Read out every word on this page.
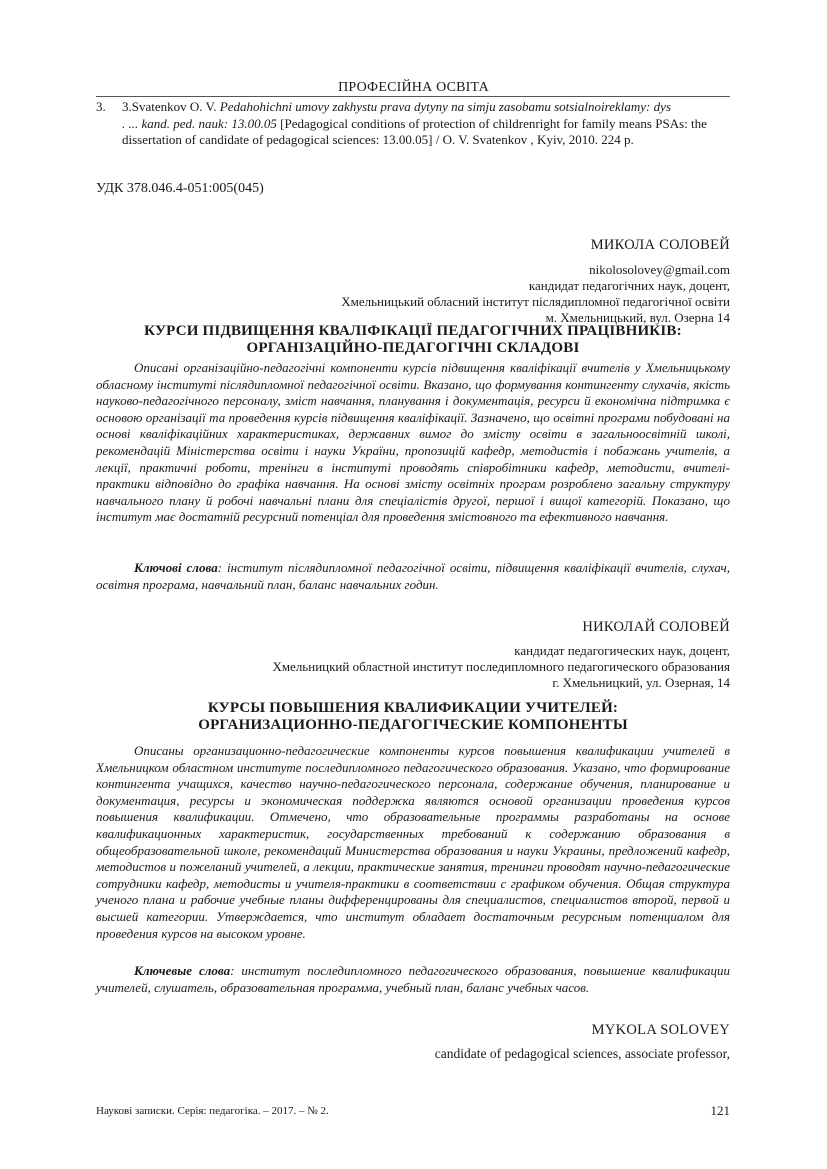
ПРОФЕСІЙНА ОСВІТА
3. 3.Svatenkov O. V. Pedahohichni umovy zakhystu prava dytyny na simju zasobamu sotsialnoireklamy: dys
. ... kand. ped. nauk: 13.00.05 [Pedagogical conditions of protection of childrenright for family means PSAs: the
dissertation of candidate of pedagogical sciences: 13.00.05] / O. V. Svatenkov , Kyiv, 2010. 224 p.
УДК 378.046.4-051:005(045)
МИКОЛА СОЛОВЕЙ
nikolosolovey@gmail.com
кандидат педагогічних наук, доцент,
Хмельницький обласний інститут післядипломної педагогічної освіти
м. Хмельницький, вул. Озерна 14
КУРСИ ПІДВИЩЕННЯ КВАЛІФІКАЦІЇ ПЕДАГОГІЧНИХ ПРАЦІВНИКІВ:
ОРГАНІЗАЦІЙНО-ПЕДАГОГІЧНІ СКЛАДОВІ
Описані організаційно-педагогічні компоненти курсів підвищення кваліфікації вчителів у Хмельницькому обласному інституті післядипломної педагогічної освіти. Вказано, що формування контингенту слухачів, якість науково-педагогічного персоналу, зміст навчання, планування і документація, ресурси й економічна підтримка є основою організації та проведення курсів підвищення кваліфікації. Зазначено, що освітні програми побудовані на основі кваліфікаційних характеристиках, державних вимог до змісту освіти в загальноосвітній школі, рекомендацій Міністерства освіти і науки України, пропозицій кафедр, методистів і побажань учителів, а лекції, практичні роботи, тренінги в інституті проводять співробітники кафедр, методисти, вчителі-практики відповідно до графіка навчання. На основі змісту освітніх програм розроблено загальну структуру навчального плану й робочі навчальні плани для спеціалістів другої, першої і вищої категорій. Показано, що інститут має достатній ресурсний потенціал для проведення змістовного та ефективного навчання.
Ключові слова: інститут післядипломної педагогічної освіти, підвищення кваліфікації вчителів, слухач, освітня програма, навчальний план, баланс навчальних годин.
НИКОЛАЙ СОЛОВЕЙ
кандидат педагогических наук, доцент,
Хмельницкий областной институт последипломного педагогического образования
г. Хмельницкий, ул. Озерная, 14
КУРСЫ ПОВЫШЕНИЯ КВАЛИФИКАЦИИ УЧИТЕЛЕЙ:
ОРГАНИЗАЦИОННО-ПЕДАГОГІЧЕСКИЕ КОМПОНЕНТЫ
Описаны организационно-педагогические компоненты курсов повышения квалификации учителей в Хмельницком областном институте последипломного педагогического образования. Указано, что формирование контингента учащихся, качество научно-педагогического персонала, содержание обучения, планирование и документация, ресурсы и экономическая поддержка являются основой организации проведения курсов повышения квалификации. Отмечено, что образовательные программы разработаны на основе квалификационных характеристик, государственных требований к содержанию образования в общеобразовательной школе, рекомендаций Министерства образования и науки Украины, предложений кафедр, методистов и пожеланий учителей, а лекции, практические занятия, тренинги проводят научно-педагогические сотрудники кафедр, методисты и учителя-практики в соответствии с графиком обучения. Общая структура ученого плана и рабочие учебные планы дифференцированы для специалистов, специалистов второй, первой и высшей категории. Утверждается, что институт обладает достаточным ресурсным потенциалом для проведения курсов на высоком уровне.
Ключевые слова: институт последипломного педагогического образования, повышение квалификации учителей, слушатель, образовательная программа, учебный план, баланс учебных часов.
MYKOLA SOLOVEY
candidate of pedagogical sciences, associate professor,
Наукові записки. Серія: педагогіка. – 2017. – № 2.	121
